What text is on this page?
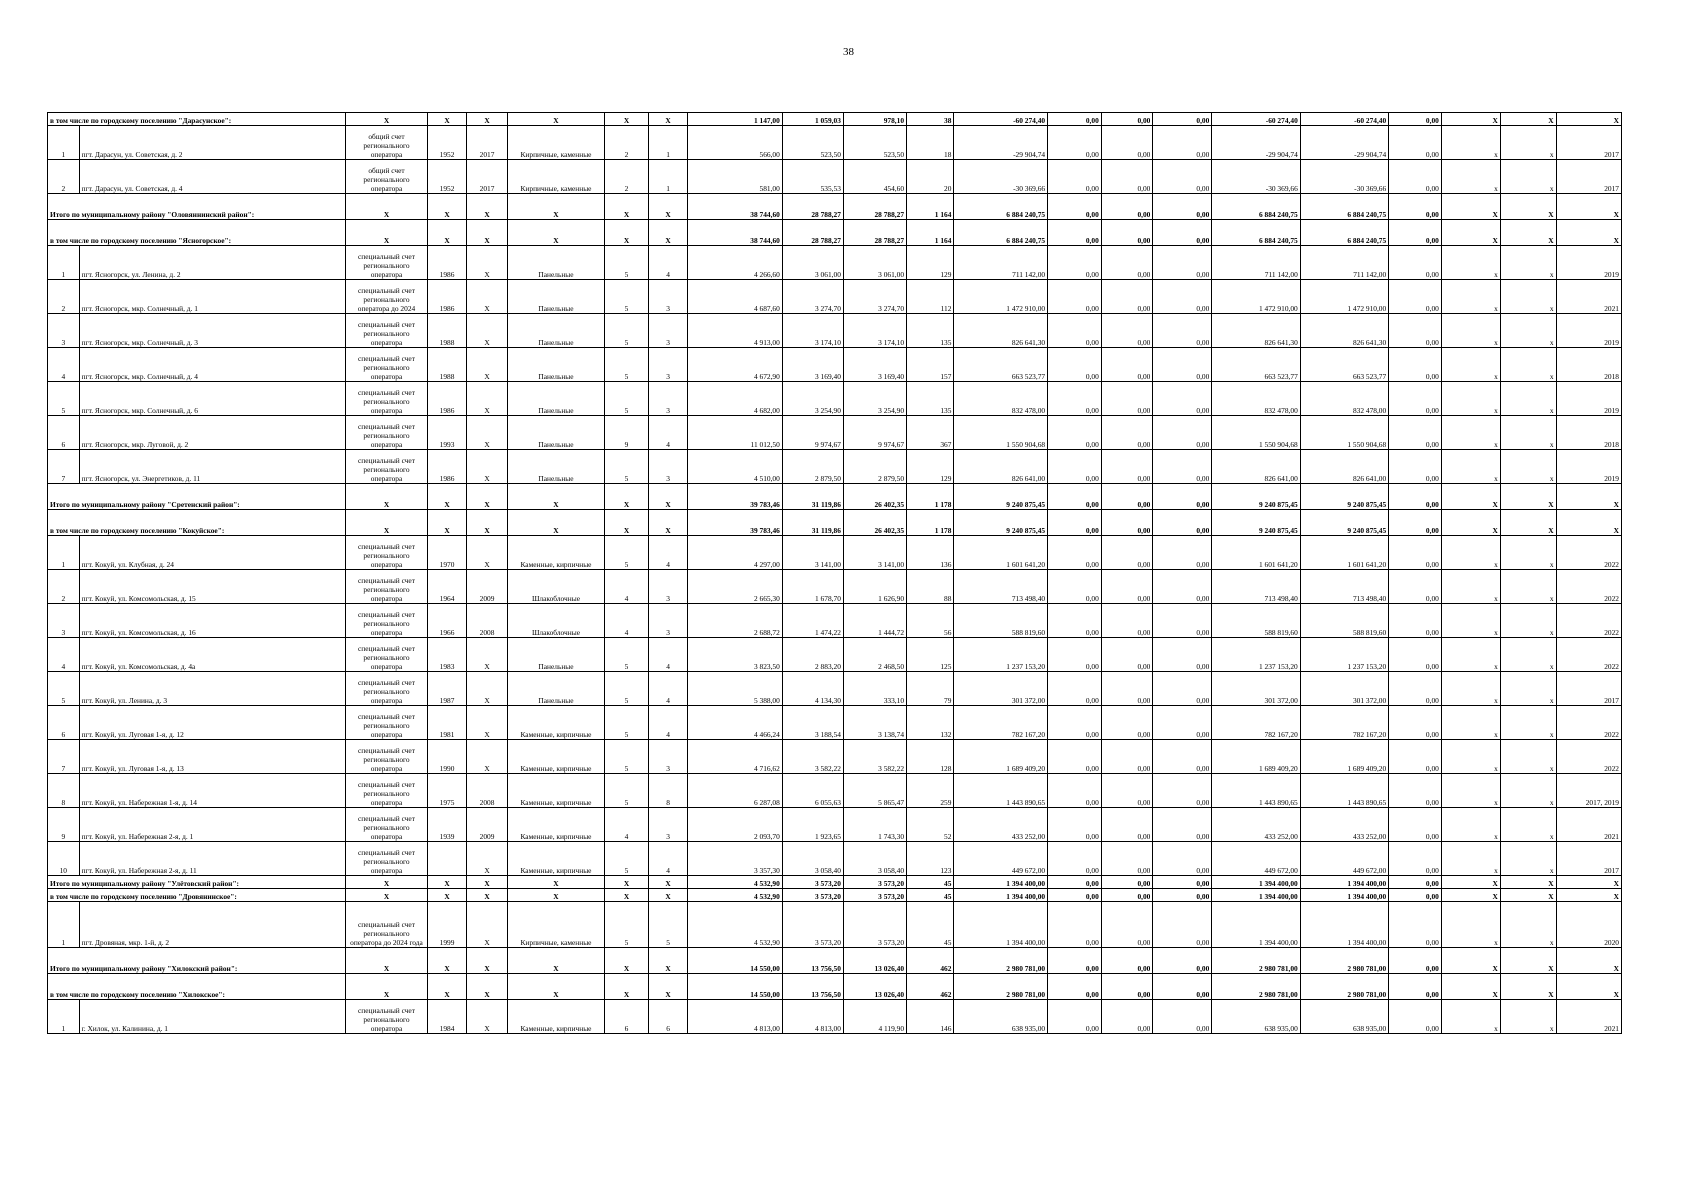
38
в том числе по городскому поселению "Дарасунское":		X	X	X	X	X	X	1 147,00	1 059,03	978,10	38	-60 274,40	0,00	0,00	0,00	-60 274,40	-60 274,40	0,00	X	X	X
1	пгт. Дарасун, ул. Советская, д. 2	общий счет регионального оператора	1952	2017	Кирпичные, каменные	2	1	566,00	523,50	523,50	18	-29 904,74	0,00	0,00	0,00	-29 904,74	-29 904,74	0,00	x	x	2017
2	пгт. Дарасун, ул. Советская, д. 4	общий счет регионального оператора	1952	2017	Кирпичные, каменные	2	1	581,00	535,53	454,60	20	-30 369,66	0,00	0,00	0,00	-30 369,66	-30 369,66	0,00	x	x	2017
Итого по муниципальному району "Оловяннинский район":		X	X	X	X	X	X	38 744,60	28 788,27	28 788,27	1 164	6 884 240,75	0,00	0,00	0,00	6 884 240,75	6 884 240,75	0,00	X	X	X
в том числе по городскому поселению "Ясногорское":		X	X	X	X	X	X	38 744,60	28 788,27	28 788,27	1 164	6 884 240,75	0,00	0,00	0,00	6 884 240,75	6 884 240,75	0,00	X	X	X
1	пгт. Ясногорск, ул. Ленина, д. 2	специальный счет регионального оператора	1986	X	Панельные	5	4	4 266,60	3 061,00	3 061,00	129	711 142,00	0,00	0,00	0,00	711 142,00	711 142,00	0,00	x	x	2019
2	пгт. Ясногорск, мкр. Солнечный, д. 1	специальный счет регионального оператора до 2024	1986	X	Панельные	5	3	4 687,60	3 274,70	3 274,70	112	1 472 910,00	0,00	0,00	0,00	1 472 910,00	1 472 910,00	0,00	x	x	2021
3	пгт. Ясногорск, мкр. Солнечный, д. 3	специальный счет регионального оператора	1988	X	Панельные	5	3	4 913,00	3 174,10	3 174,10	135	826 641,30	0,00	0,00	0,00	826 641,30	826 641,30	0,00	x	x	2019
4	пгт. Ясногорск, мкр. Солнечный, д. 4	специальный счет регионального оператора	1988	X	Панельные	5	3	4 672,90	3 169,40	3 169,40	157	663 523,77	0,00	0,00	0,00	663 523,77	663 523,77	0,00	x	x	2018
5	пгт. Ясногорск, мкр. Солнечный, д. 6	специальный счет регионального оператора	1986	X	Панельные	5	3	4 682,00	3 254,90	3 254,90	135	832 478,00	0,00	0,00	0,00	832 478,00	832 478,00	0,00	x	x	2019
6	пгт. Ясногорск, мкр. Луговой, д. 2	специальный счет регионального оператора	1993	X	Панельные	9	4	11 012,50	9 974,67	9 974,67	367	1 550 904,68	0,00	0,00	0,00	1 550 904,68	1 550 904,68	0,00	x	x	2018
7	пгт. Ясногорск, ул. Энергетиков, д. 11	специальный счет регионального оператора	1986	X	Панельные	5	3	4 510,00	2 879,50	2 879,50	129	826 641,00	0,00	0,00	0,00	826 641,00	826 641,00	0,00	x	x	2019
Итого по муниципальному району "Сретенский район":		X	X	X	X	X	X	39 783,46	31 119,86	26 402,35	1 178	9 240 875,45	0,00	0,00	0,00	9 240 875,45	9 240 875,45	0,00	X	X	X
в том числе по городскому поселению "Кокуйское":		X	X	X	X	X	X	39 783,46	31 119,86	26 402,35	1 178	9 240 875,45	0,00	0,00	0,00	9 240 875,45	9 240 875,45	0,00	X	X	X
1	пгт. Кокуй, ул. Клубная, д. 24	специальный счет регионального оператора	1970	X	Каменные, кирпичные	5	4	4 297,00	3 141,00	3 141,00	136	1 601 641,20	0,00	0,00	0,00	1 601 641,20	1 601 641,20	0,00	x	x	2022
2	пгт. Кокуй, ул. Комсомольская, д. 15	специальный счет регионального оператора	1964	2009	Шлакоблочные	4	3	2 665,30	1 678,70	1 626,90	88	713 498,40	0,00	0,00	0,00	713 498,40	713 498,40	0,00	x	x	2022
3	пгт. Кокуй, ул. Комсомольская, д. 16	специальный счет регионального оператора	1966	2008	Шлакоблочные	4	3	2 688,72	1 474,22	1 444,72	56	588 819,60	0,00	0,00	0,00	588 819,60	588 819,60	0,00	x	x	2022
4	пгт. Кокуй, ул. Комсомольская, д. 4а	специальный счет регионального оператора	1983	X	Панельные	5	4	3 823,50	2 883,20	2 468,50	125	1 237 153,20	0,00	0,00	0,00	1 237 153,20	1 237 153,20	0,00	x	x	2022
5	пгт. Кокуй, ул. Ленина, д. 3	специальный счет регионального оператора	1987	X	Панельные	5	4	5 388,00	4 134,30	333,10	79	301 372,00	0,00	0,00	0,00	301 372,00	301 372,00	0,00	x	x	2017
6	пгт. Кокуй, ул. Луговая 1-я, д. 12	специальный счет регионального оператора	1981	X	Каменные, кирпичные	5	4	4 466,24	3 188,54	3 138,74	132	782 167,20	0,00	0,00	0,00	782 167,20	782 167,20	0,00	x	x	2022
7	пгт. Кокуй, ул. Луговая 1-я, д. 13	специальный счет регионального оператора	1990	X	Каменные, кирпичные	5	3	4 716,62	3 582,22	3 582,22	128	1 689 409,20	0,00	0,00	0,00	1 689 409,20	1 689 409,20	0,00	x	x	2022
8	пгт. Кокуй, ул. Набережная 1-я, д. 14	специальный счет регионального оператора	1975	2008	Каменные, кирпичные	5	8	6 287,08	6 055,63	5 865,47	259	1 443 890,65	0,00	0,00	0,00	1 443 890,65	1 443 890,65	0,00	x	x	2017, 2019
9	пгт. Кокуй, ул. Набережная 2-я, д. 1	специальный счет регионального оператора	1939	2009	Каменные, кирпичные	4	3	2 093,70	1 923,65	1 743,30	52	433 252,00	0,00	0,00	0,00	433 252,00	433 252,00	0,00	x	x	2021
10	пгт. Кокуй, ул. Набережная 2-я, д. 11	специальный счет регионального оператора		X	Каменные, кирпичные	5	4	3 357,30	3 058,40	3 058,40	123	449 672,00	0,00	0,00	0,00	449 672,00	449 672,00	0,00	x	x	2017
Итого по муниципальному району "Улётовский район":		X	X	X	X	X	X	4 532,90	3 573,20	3 573,20	45	1 394 400,00	0,00	0,00	0,00	1 394 400,00	1 394 400,00	0,00	X	X	X
в том числе по городскому поселению "Дровянинское":		X	X	X	X	X	X	4 532,90	3 573,20	3 573,20	45	1 394 400,00	0,00	0,00	0,00	1 394 400,00	1 394 400,00	0,00	X	X	X
1	пгт. Дровяная, мкр. 1-й, д. 2	специальный счет регионального оператора до 2024 года	1999	X	Кирпичные, каменные	5	5	4 532,90	3 573,20	3 573,20	45	1 394 400,00	0,00	0,00	0,00	1 394 400,00	1 394 400,00	0,00	x	x	2020
Итого по муниципальному району "Хилокский район":		X	X	X	X	X	X	14 550,00	13 756,50	13 026,40	462	2 980 781,00	0,00	0,00	0,00	2 980 781,00	2 980 781,00	0,00	X	X	X
в том числе по городскому поселению "Хилокское":		X	X	X	X	X	X	14 550,00	13 756,50	13 026,40	462	2 980 781,00	0,00	0,00	0,00	2 980 781,00	2 980 781,00	0,00	X	X	X
1	г. Хилок, ул. Калинина, д. 1	специальный счет регионального оператора	1984	X	Каменные, кирпичные	6	6	4 813,00	4 813,00	4 119,90	146	638 935,00	0,00	0,00	0,00	638 935,00	638 935,00	0,00	x	x	2021
